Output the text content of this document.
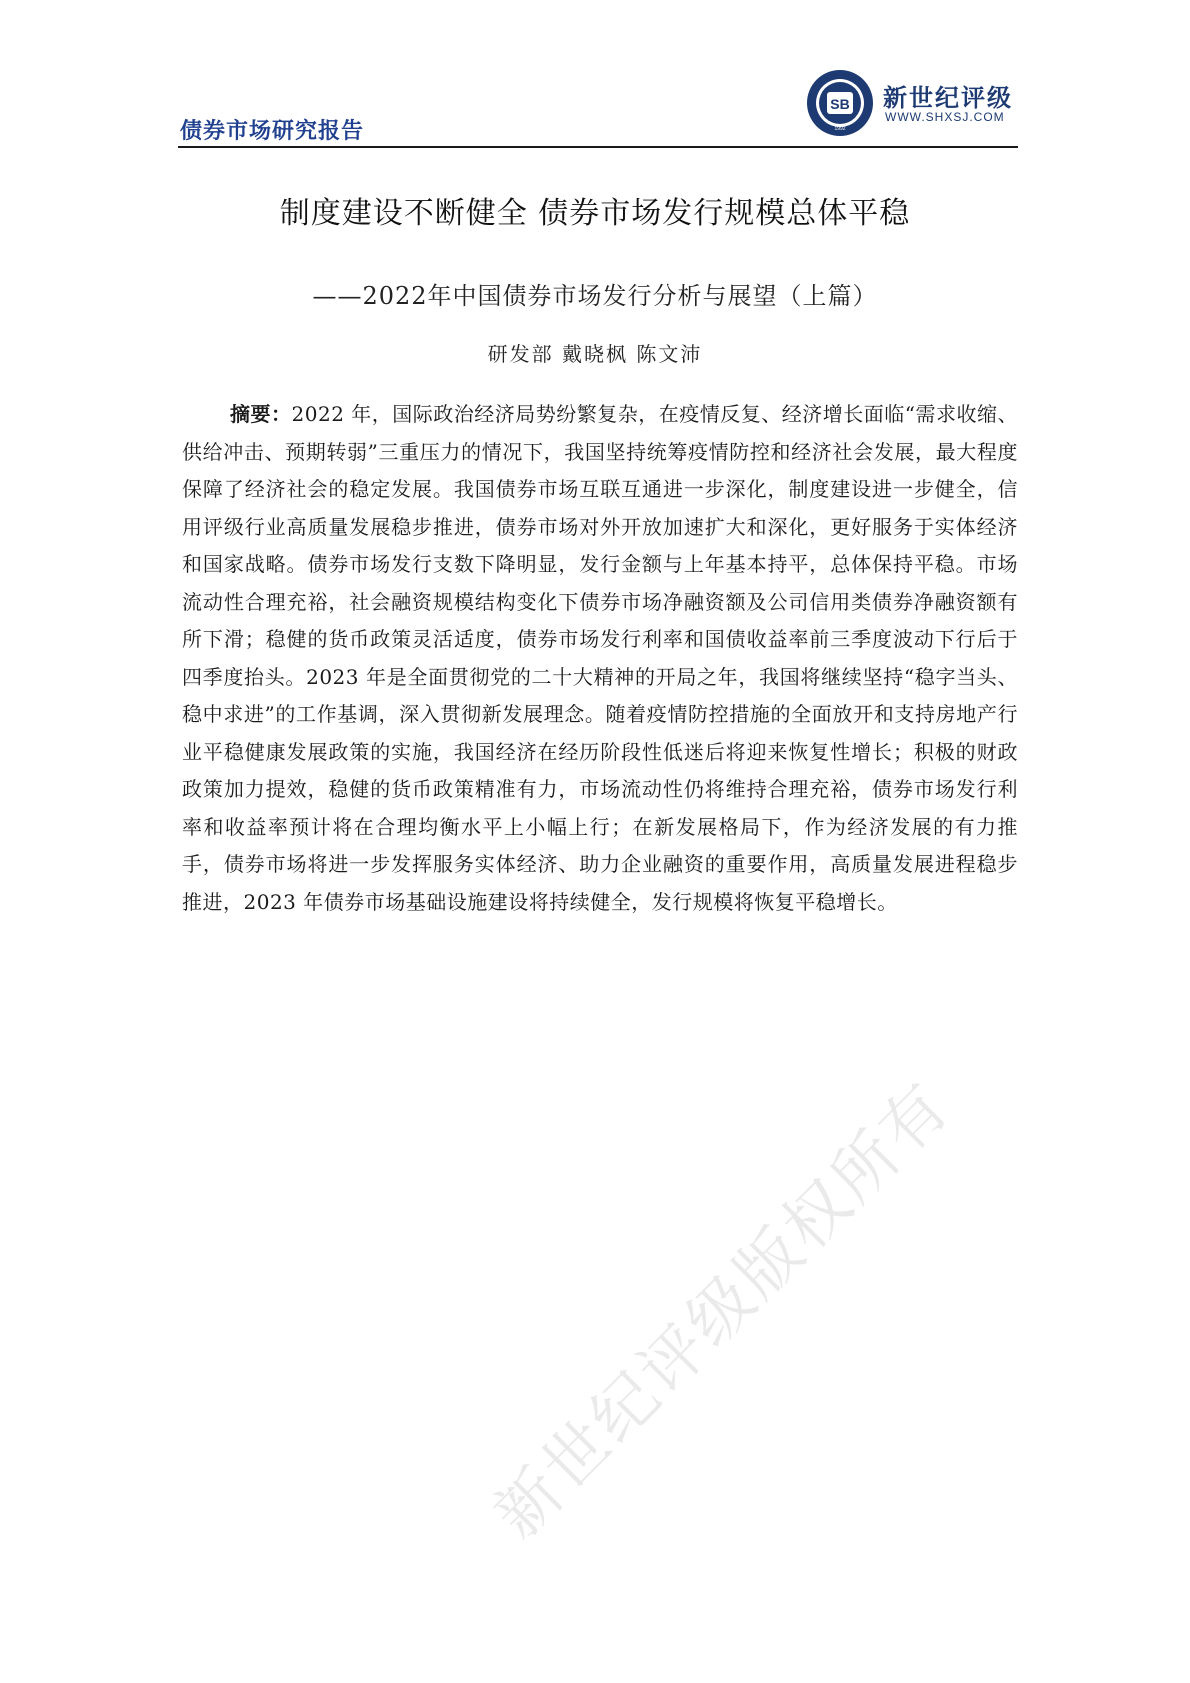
债券市场研究报告
SB
1992
新世纪评级
WWW.SHXSJ.COM
制度建设不断健全 债券市场发行规模总体平稳
——2022年中国债券市场发行分析与展望（上篇）
研发部 戴晓枫 陈文沛
摘要：2022 年，国际政治经济局势纷繁复杂，在疫情反复、经济增长面临“需求收缩、供给冲击、预期转弱”三重压力的情况下，我国坚持统筹疫情防控和经济社会发展，最大程度保障了经济社会的稳定发展。我国债券市场互联互通进一步深化，制度建设进一步健全，信用评级行业高质量发展稳步推进，债券市场对外开放加速扩大和深化，更好服务于实体经济和国家战略。债券市场发行支数下降明显，发行金额与上年基本持平，总体保持平稳。市场流动性合理充裕，社会融资规模结构变化下债券市场净融资额及公司信用类债券净融资额有所下滑；稳健的货币政策灵活适度，债券市场发行利率和国债收益率前三季度波动下行后于四季度抬头。2023 年是全面贯彻党的二十大精神的开局之年，我国将继续坚持“稳字当头、稳中求进”的工作基调，深入贯彻新发展理念。随着疫情防控措施的全面放开和支持房地产行业平稳健康发展政策的实施，我国经济在经历阶段性低迷后将迎来恢复性增长；积极的财政政策加力提效，稳健的货币政策精准有力，市场流动性仍将维持合理充裕，债券市场发行利率和收益率预计将在合理均衡水平上小幅上行；在新发展格局下，作为经济发展的有力推手，债券市场将进一步发挥服务实体经济、助力企业融资的重要作用，高质量发展进程稳步推进，2023 年债券市场基础设施建设将持续健全，发行规模将恢复平稳增长。
新世纪评级版权所有
